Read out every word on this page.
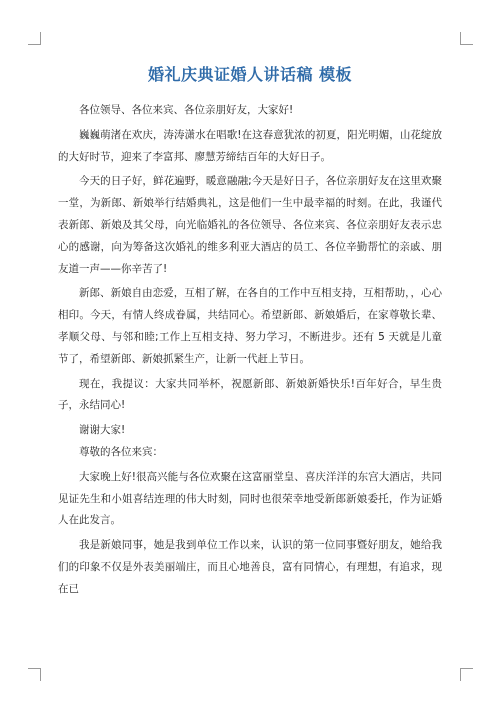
婚礼庆典证婚人讲话稿 模板

各位领导、各位来宾、各位亲朋好友，大家好!

巍巍萌渚在欢庆，涛涛潇水在唱歌!在这春意犹浓的初夏，阳光明媚，山花绽放的大好时节，迎来了李富邦、廖慧芳缔结百年的大好日子。

今天的日子好，鲜花遍野，暖意融融;今天是好日子，各位亲朋好友在这里欢聚一堂，为新郎、新娘举行结婚典礼，这是他们一生中最幸福的时刻。在此，我谨代表新郎、新娘及其父母，向光临婚礼的各位领导、各位来宾、各位亲朋好友表示忠心的感谢，向为筹备这次婚礼的维多利亚大酒店的员工、各位辛勤帮忙的亲戚、朋友道一声——你辛苦了!

新郎、新娘自由恋爱，互相了解，在各自的工作中互相支持，互相帮助，，心心相印。今天，有情人终成眷属，共结同心。希望新郎、新娘婚后，在家尊敬长辈、孝顺父母、与邻和睦;工作上互相支持、努力学习，不断进步。还有 5 天就是儿童节了，希望新郎、新娘抓紧生产，让新一代赶上节日。

现在，我提议：大家共同举杯，祝愿新郎、新娘新婚快乐!百年好合，早生贵子，永结同心!

谢谢大家!

尊敬的各位来宾：

大家晚上好!很高兴能与各位欢聚在这富丽堂皇、喜庆洋洋的东宫大酒店，共同见证先生和小姐喜结连理的伟大时刻，同时也很荣幸地受新郎新娘委托，作为证婚人在此发言。

我是新娘同事，她是我到单位工作以来，认识的第一位同事暨好朋友，她给我们的印象不仅是外表美丽端庄，而且心地善良，富有同情心，有理想，有追求，现在已
